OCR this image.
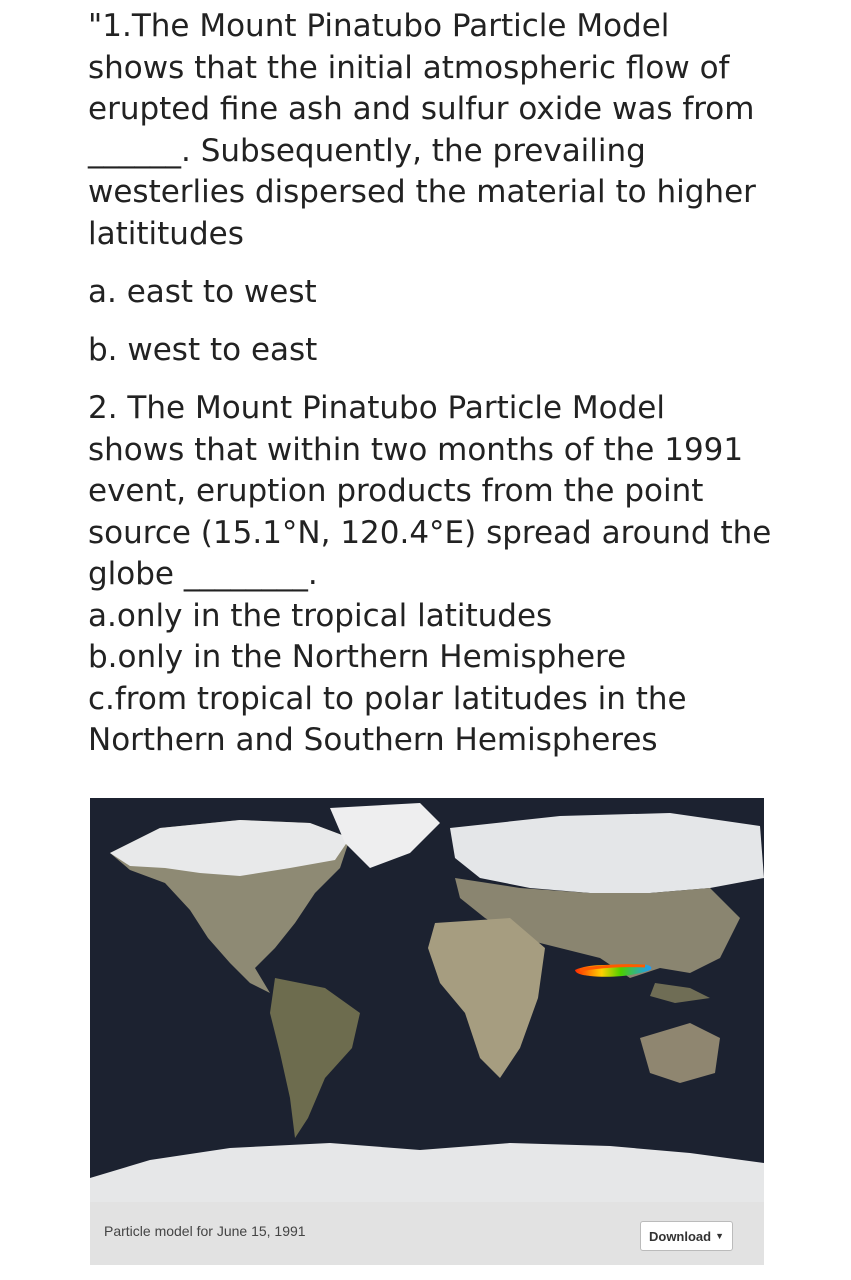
"1.The Mount Pinatubo Particle Model
shows that the initial atmospheric flow of
erupted fine ash and sulfur oxide was from
______. Subsequently, the prevailing
westerlies dispersed the material to higher
latititudes
a. east to west
b. west to east
2. The Mount Pinatubo Particle Model
shows that within two months of the 1991
event, eruption products from the point
source (15.1°N, 120.4°E) spread around the
globe ________.
a.only in the tropical latitudes
b.only in the Northern Hemisphere
c.from tropical to polar latitudes in the
Northern and Southern Hemispheres
Particle model for June 15, 1991	Download ▼
